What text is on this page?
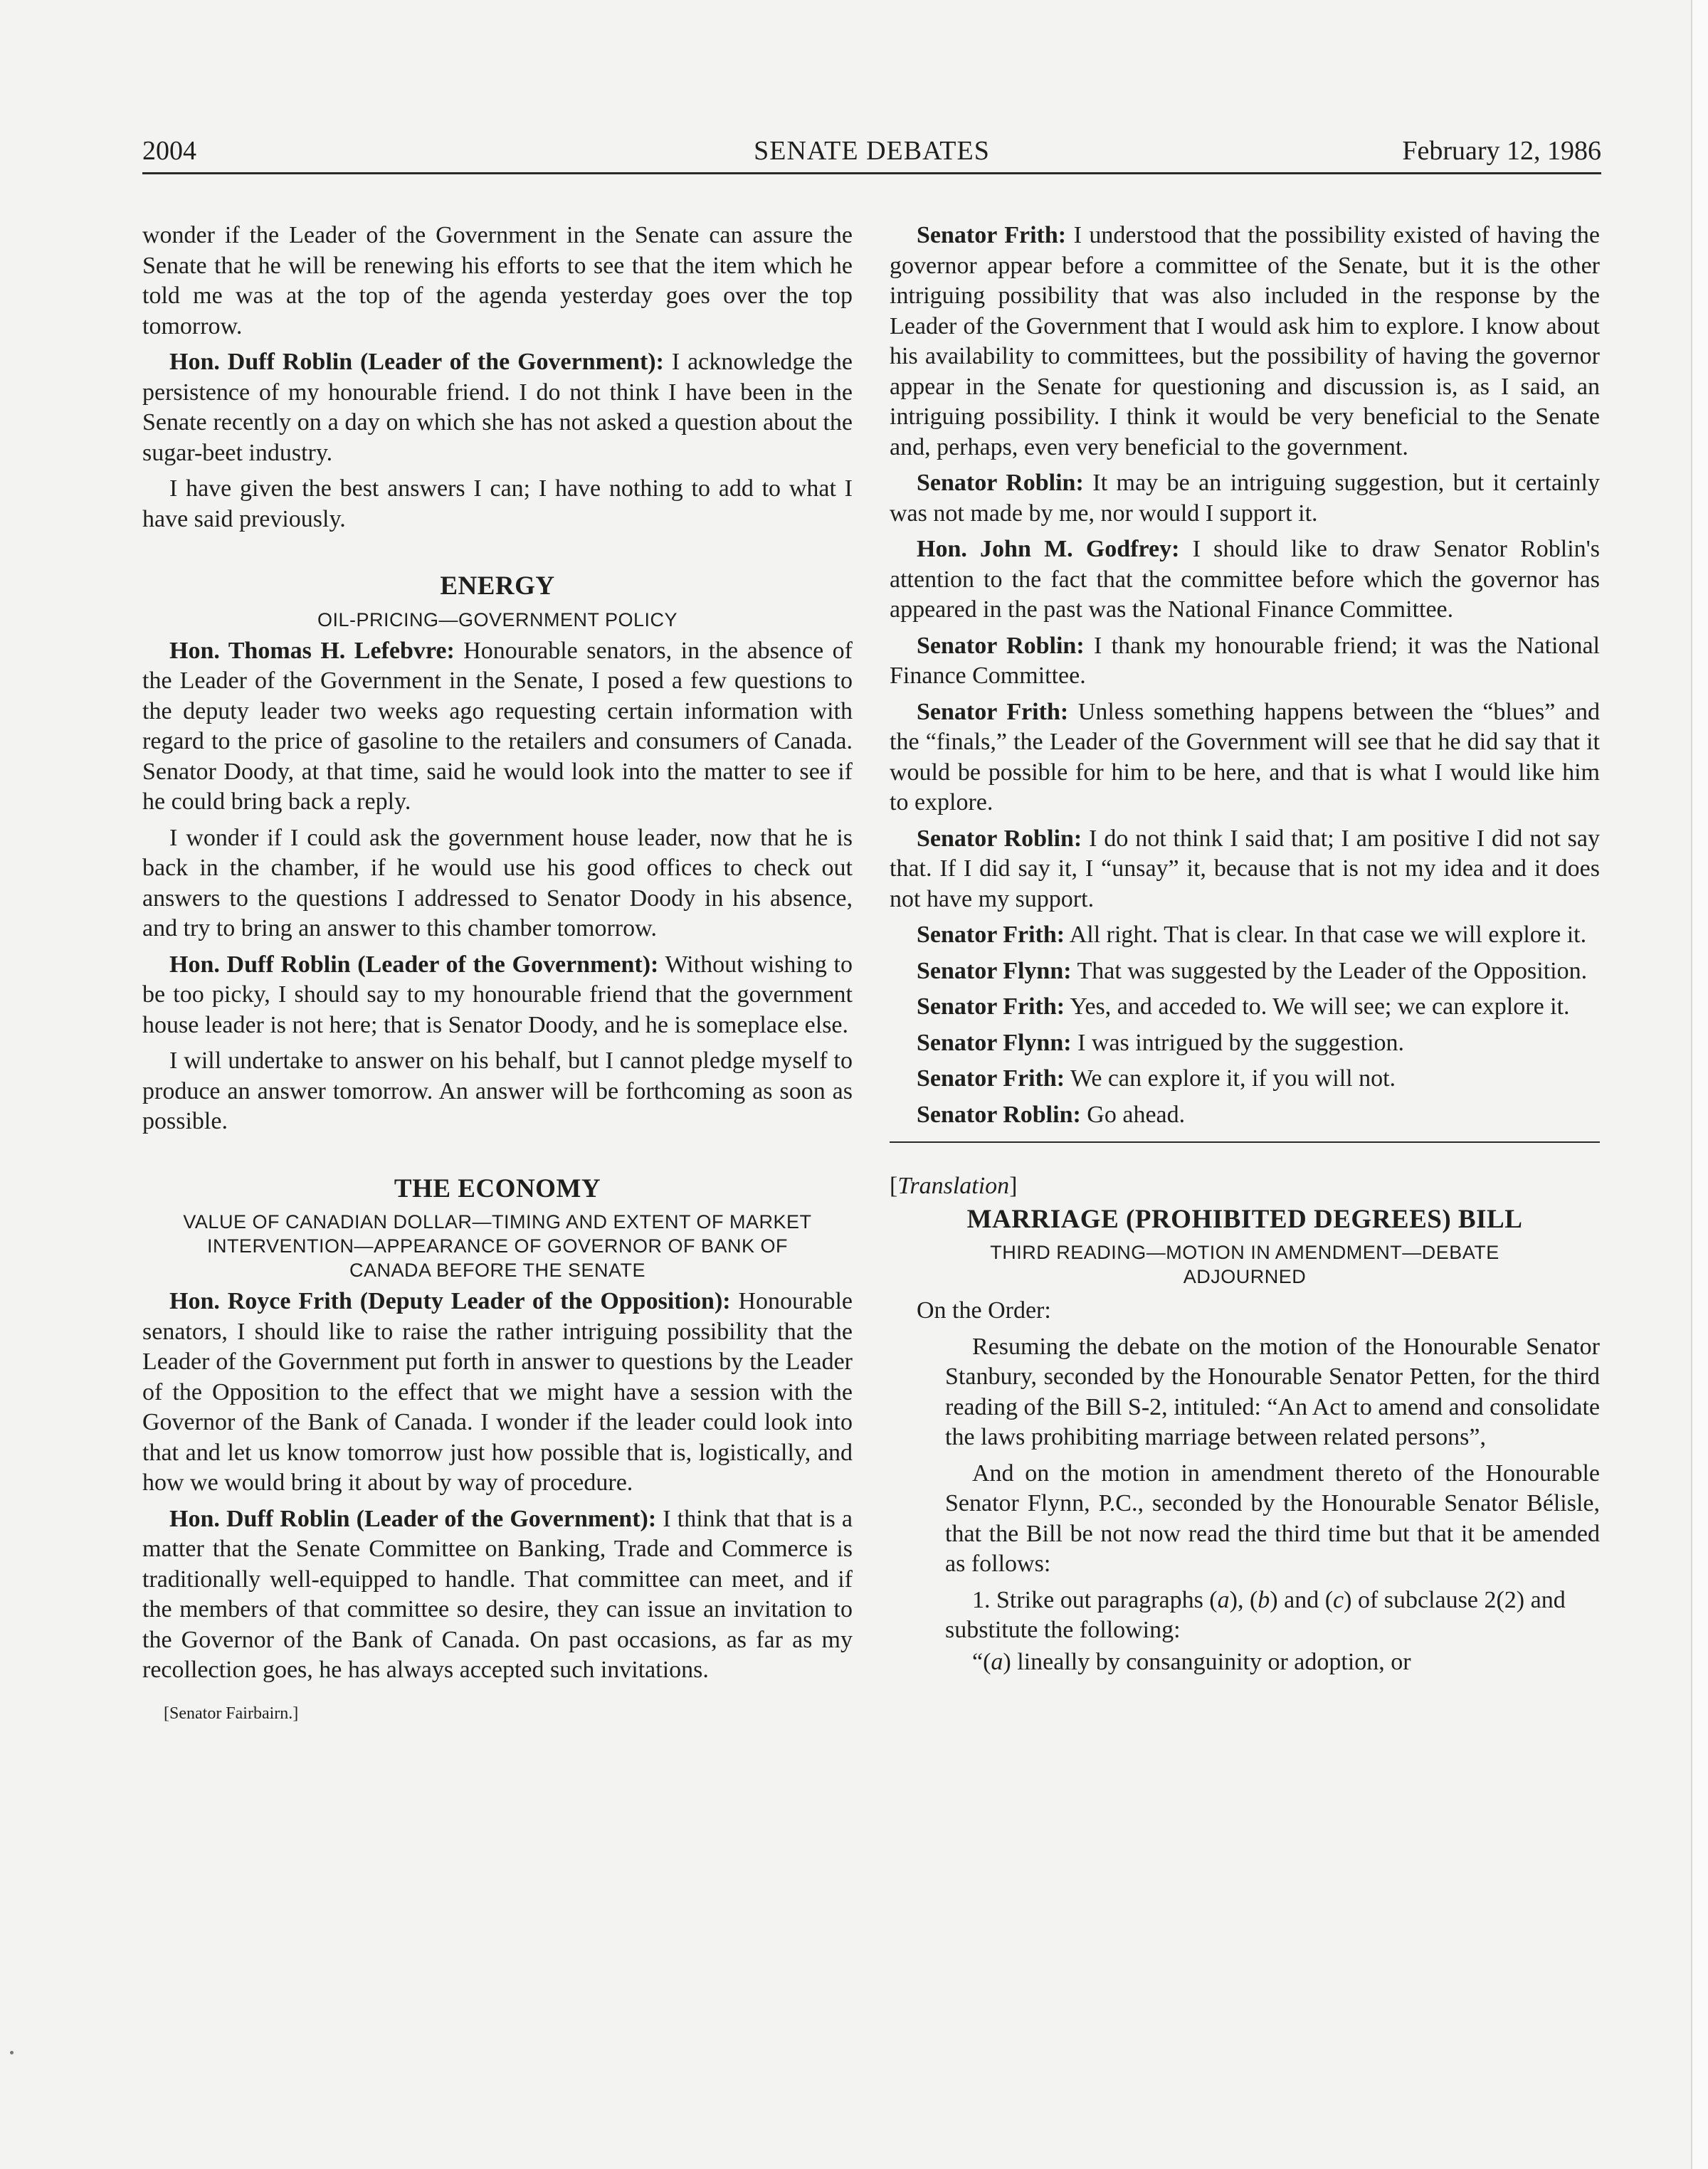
2004	SENATE DEBATES	February 12, 1986

wonder if the Leader of the Government in the Senate can assure the Senate that he will be renewing his efforts to see that the item which he told me was at the top of the agenda yesterday goes over the top tomorrow.

Hon. Duff Roblin (Leader of the Government): I acknowledge the persistence of my honourable friend. I do not think I have been in the Senate recently on a day on which she has not asked a question about the sugar-beet industry.

I have given the best answers I can; I have nothing to add to what I have said previously.

ENERGY
OIL-PRICING—GOVERNMENT POLICY

Hon. Thomas H. Lefebvre: Honourable senators, in the absence of the Leader of the Government in the Senate, I posed a few questions to the deputy leader two weeks ago requesting certain information with regard to the price of gasoline to the retailers and consumers of Canada. Senator Doody, at that time, said he would look into the matter to see if he could bring back a reply.

I wonder if I could ask the government house leader, now that he is back in the chamber, if he would use his good offices to check out answers to the questions I addressed to Senator Doody in his absence, and try to bring an answer to this chamber tomorrow.

Hon. Duff Roblin (Leader of the Government): Without wishing to be too picky, I should say to my honourable friend that the government house leader is not here; that is Senator Doody, and he is someplace else.

I will undertake to answer on his behalf, but I cannot pledge myself to produce an answer tomorrow. An answer will be forthcoming as soon as possible.

THE ECONOMY
VALUE OF CANADIAN DOLLAR—TIMING AND EXTENT OF MARKET INTERVENTION—APPEARANCE OF GOVERNOR OF BANK OF CANADA BEFORE THE SENATE

Hon. Royce Frith (Deputy Leader of the Opposition): Honourable senators, I should like to raise the rather intriguing possibility that the Leader of the Government put forth in answer to questions by the Leader of the Opposition to the effect that we might have a session with the Governor of the Bank of Canada. I wonder if the leader could look into that and let us know tomorrow just how possible that is, logistically, and how we would bring it about by way of procedure.

Hon. Duff Roblin (Leader of the Government): I think that that is a matter that the Senate Committee on Banking, Trade and Commerce is traditionally well-equipped to handle. That committee can meet, and if the members of that committee so desire, they can issue an invitation to the Governor of the Bank of Canada. On past occasions, as far as my recollection goes, he has always accepted such invitations.

[Senator Fairbairn.]

Senator Frith: I understood that the possibility existed of having the governor appear before a committee of the Senate, but it is the other intriguing possibility that was also included in the response by the Leader of the Government that I would ask him to explore. I know about his availability to committees, but the possibility of having the governor appear in the Senate for questioning and discussion is, as I said, an intriguing possibility. I think it would be very beneficial to the Senate and, perhaps, even very beneficial to the government.

Senator Roblin: It may be an intriguing suggestion, but it certainly was not made by me, nor would I support it.

Hon. John M. Godfrey: I should like to draw Senator Roblin's attention to the fact that the committee before which the governor has appeared in the past was the National Finance Committee.

Senator Roblin: I thank my honourable friend; it was the National Finance Committee.

Senator Frith: Unless something happens between the “blues” and the “finals,” the Leader of the Government will see that he did say that it would be possible for him to be here, and that is what I would like him to explore.

Senator Roblin: I do not think I said that; I am positive I did not say that. If I did say it, I “unsay” it, because that is not my idea and it does not have my support.

Senator Frith: All right. That is clear. In that case we will explore it.

Senator Flynn: That was suggested by the Leader of the Opposition.

Senator Frith: Yes, and acceded to. We will see; we can explore it.

Senator Flynn: I was intrigued by the suggestion.

Senator Frith: We can explore it, if you will not.

Senator Roblin: Go ahead.

[Translation]

MARRIAGE (PROHIBITED DEGREES) BILL
THIRD READING—MOTION IN AMENDMENT—DEBATE ADJOURNED

On the Order:

Resuming the debate on the motion of the Honourable Senator Stanbury, seconded by the Honourable Senator Petten, for the third reading of the Bill S-2, intituled: “An Act to amend and consolidate the laws prohibiting marriage between related persons”,

And on the motion in amendment thereto of the Honourable Senator Flynn, P.C., seconded by the Honourable Senator Bélisle, that the Bill be not now read the third time but that it be amended as follows:

1. Strike out paragraphs (a), (b) and (c) of subclause 2(2) and substitute the following:

“(a) lineally by consanguinity or adoption, or
